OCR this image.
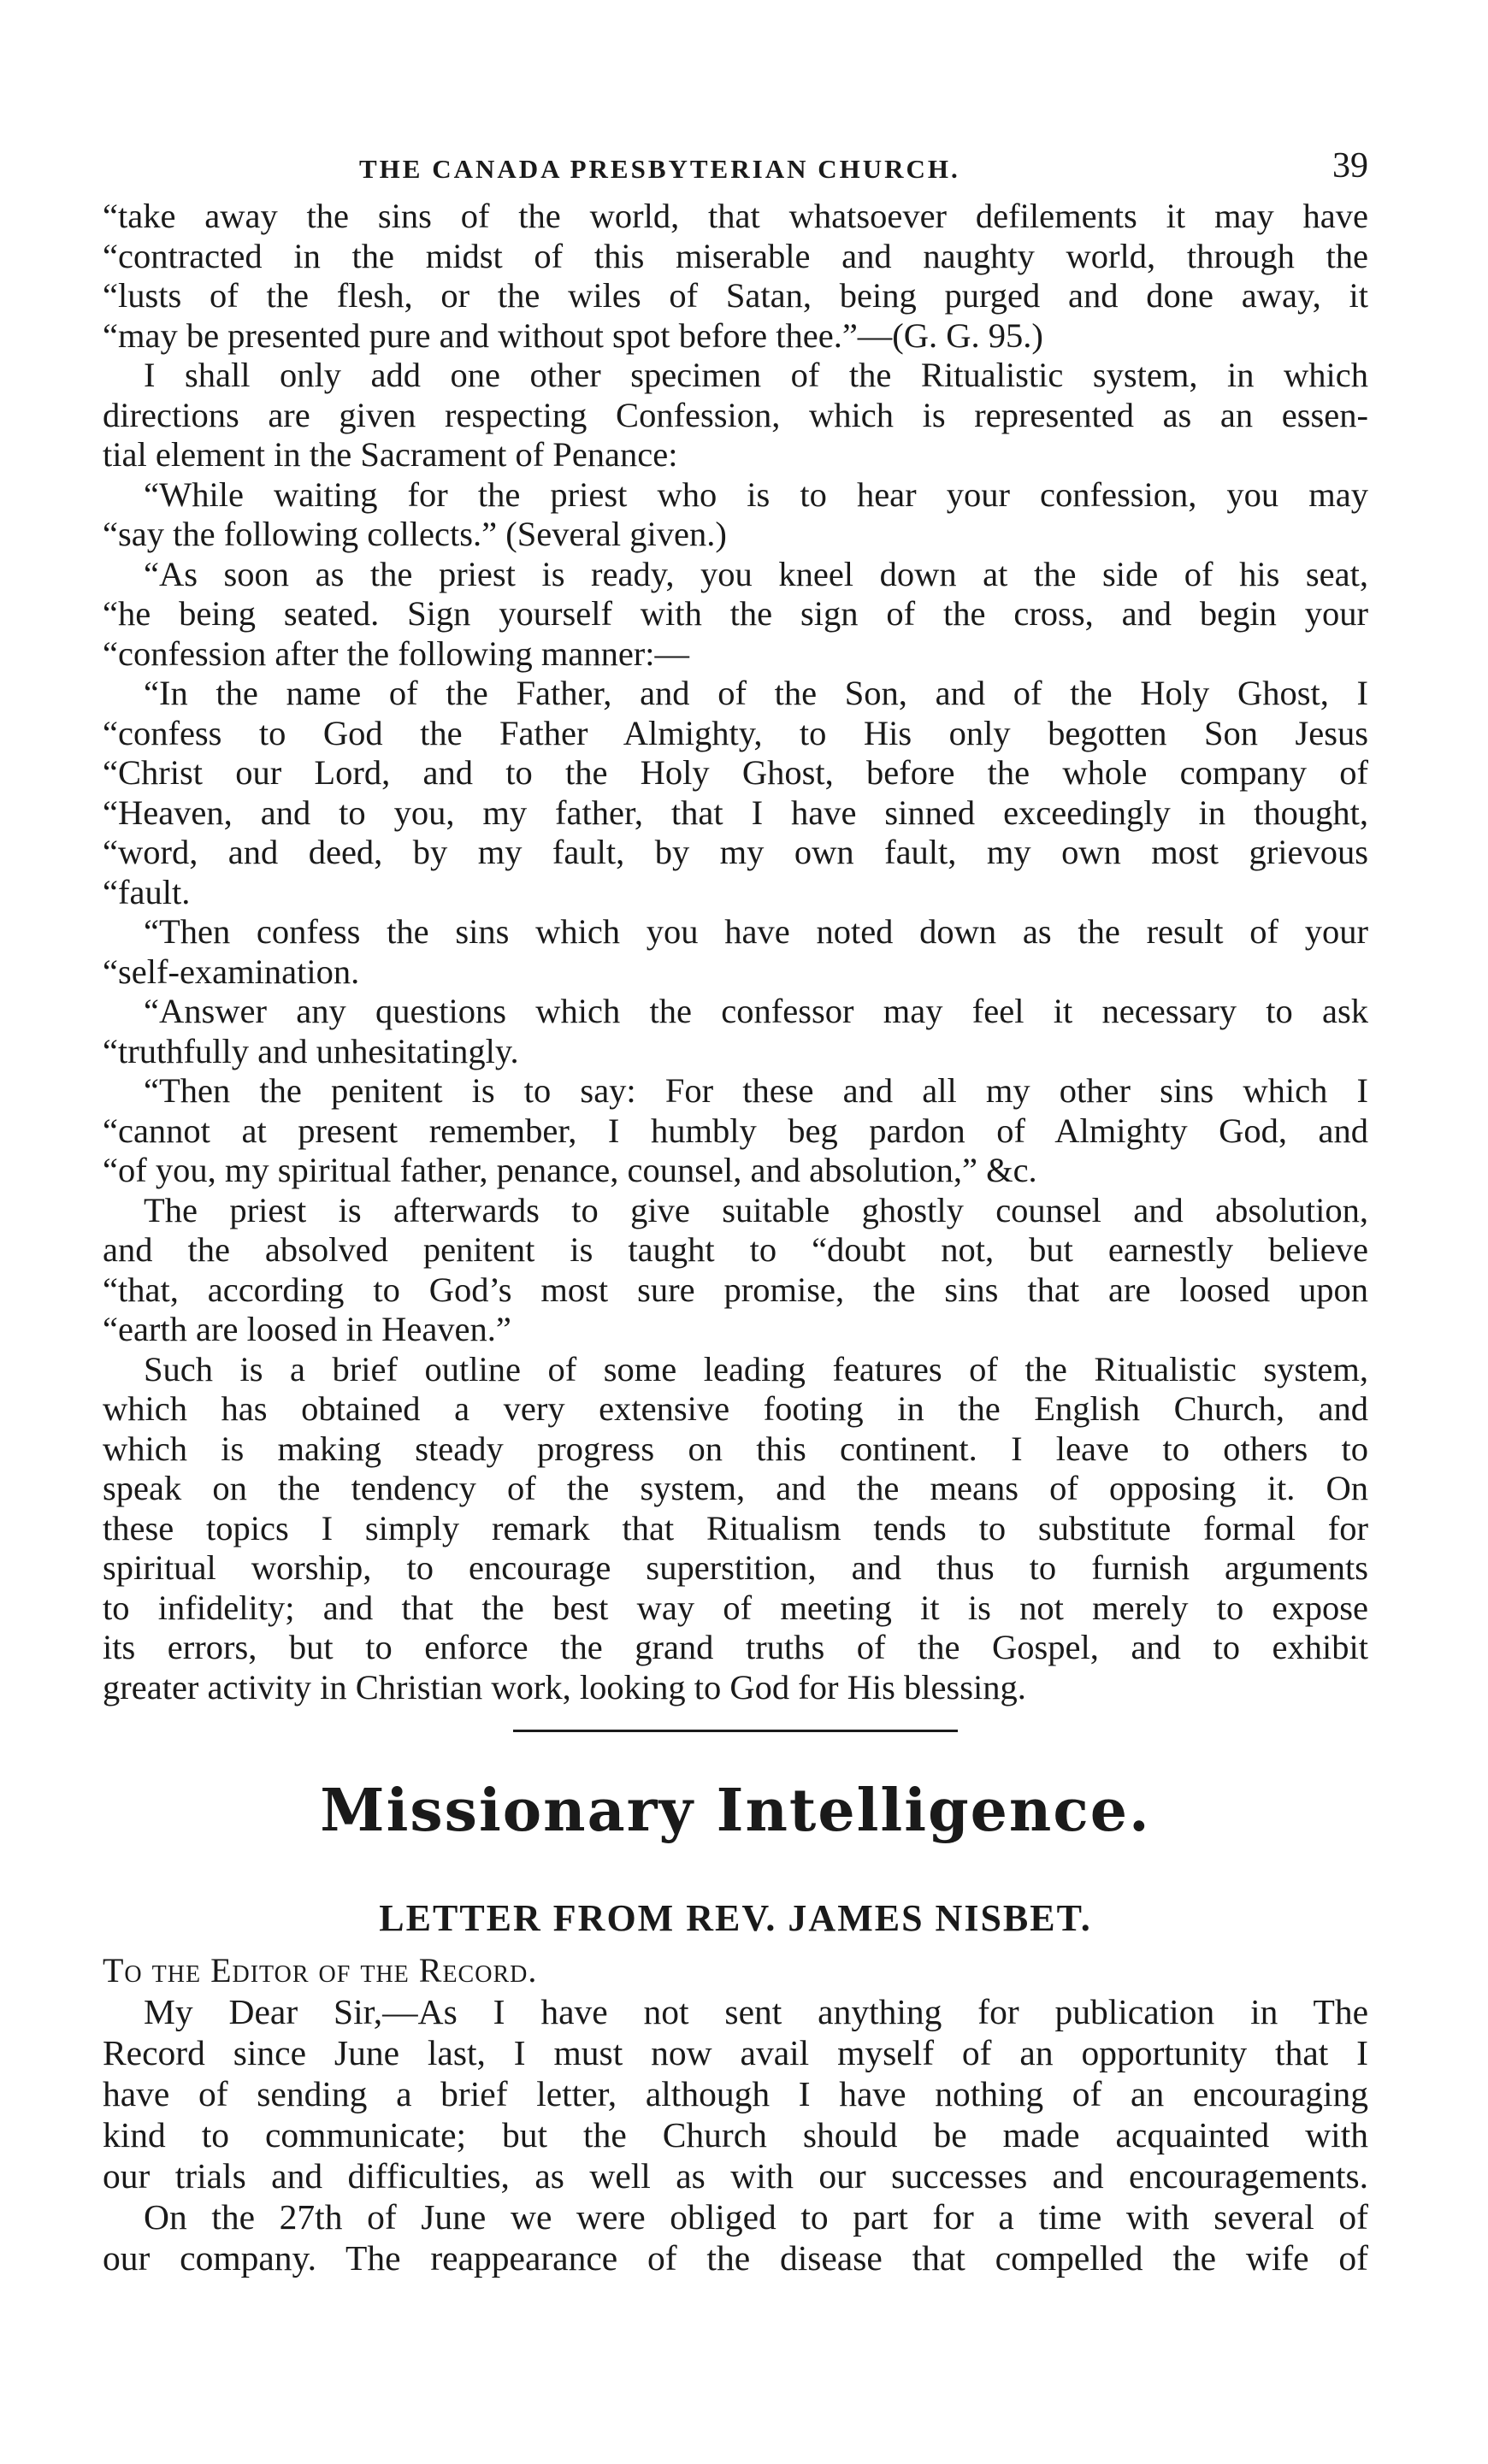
THE CANADA PRESBYTERIAN CHURCH.	39
“take away the sins of the world, that whatsoever defilements it may have
“contracted in the midst of this miserable and naughty world, through the
“lusts of the flesh, or the wiles of Satan, being purged and done away, it
“may be presented pure and without spot before thee.”—(G. G. 95.)
I shall only add one other specimen of the Ritualistic system, in which
directions are given respecting Confession, which is represented as an essen-
tial element in the Sacrament of Penance:
“While waiting for the priest who is to hear your confession, you may
“say the following collects.” (Several given.)
“As soon as the priest is ready, you kneel down at the side of his seat,
“he being seated. Sign yourself with the sign of the cross, and begin your
“confession after the following manner:—
“In the name of the Father, and of the Son, and of the Holy Ghost, I
“confess to God the Father Almighty, to His only begotten Son Jesus
“Christ our Lord, and to the Holy Ghost, before the whole company of
“Heaven, and to you, my father, that I have sinned exceedingly in thought,
“word, and deed, by my fault, by my own fault, my own most grievous
“fault.
“Then confess the sins which you have noted down as the result of your
“self-examination.
“Answer any questions which the confessor may feel it necessary to ask
“truthfully and unhesitatingly.
“Then the penitent is to say: For these and all my other sins which I
“cannot at present remember, I humbly beg pardon of Almighty God, and
“of you, my spiritual father, penance, counsel, and absolution,” &c.
The priest is afterwards to give suitable ghostly counsel and absolution,
and the absolved penitent is taught to “doubt not, but earnestly believe
“that, according to God’s most sure promise, the sins that are loosed upon
“earth are loosed in Heaven.”
Such is a brief outline of some leading features of the Ritualistic system,
which has obtained a very extensive footing in the English Church, and
which is making steady progress on this continent. I leave to others to
speak on the tendency of the system, and the means of opposing it. On
these topics I simply remark that Ritualism tends to substitute formal for
spiritual worship, to encourage superstition, and thus to furnish arguments
to infidelity; and that the best way of meeting it is not merely to expose
its errors, but to enforce the grand truths of the Gospel, and to exhibit
greater activity in Christian work, looking to God for His blessing.
Missionary Intelligence.
LETTER FROM REV. JAMES NISBET.
To the Editor of the Record.
My Dear Sir,—As I have not sent anything for publication in The
Record since June last, I must now avail myself of an opportunity that I
have of sending a brief letter, although I have nothing of an encouraging
kind to communicate; but the Church should be made acquainted with
our trials and difficulties, as well as with our successes and encouragements.
On the 27th of June we were obliged to part for a time with several of
our company. The reappearance of the disease that compelled the wife of
